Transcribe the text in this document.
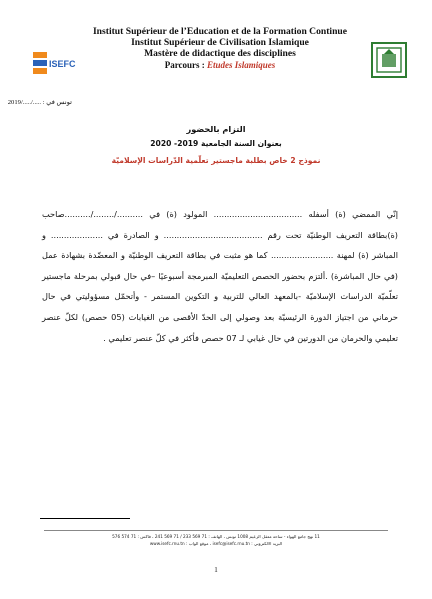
ISEFC
Institut Supérieur de l’Education et de la Formation Continue
Institut Supérieur de Civilisation Islamique
Mastère de didactique des disciplines
Parcours : Etudes Islamiques
تونس في : ...../...../2019
التزام بالحضور
بعنوان السنة الجامعية 2019- 2020
نموذج 2 خاص بطلبة ماجستير تعلّمية الدّراسات الإسلاميّة

إنّي الممضي (ة) أسفله .................................. المولود (ة) في ........../......../..........صاحب (ة)بطاقة التعريف الوطنيّة تحت رقم ...................................... و الصادرة في .................... و المباشر (ة) لمهنة ........................ كما هو مثبت في بطاقة التعريف الوطنيّة و المعضّدة بشهادة عمل (في حال المباشرة) .ألتزم بحضور الحصص التعليميّة المبرمجة أسبوعيًا –في حال قبولي بمرحلة ماجستير تعلّميّة الدراسات الإسلاميّة -بالمعهد العالي للتربية و التكوين المستمر - وأتحمّل مسؤوليتي في حال حرماني من اجتياز الدورة الرئيسيّة بعد وصولي إلى الحدّ الأقصى من الغيابات (05 حصص) لكلّ عنصر تعليمي والحرمان من الدورتين في حال غيابي لـ 07 حصص فأكثر في كلّ عنصر تعليمي .

11 نهج جامع الهواء - ساحة معقل الزعيم 1008 تونس ، الهاتف : 71 569 233 / 71 569 241 ، فاكس : 71 574 576
البريد الالكتروني : isefc@isefc.rnu.tn ، موقع الواب : www.isefc.rnu.tn
1
